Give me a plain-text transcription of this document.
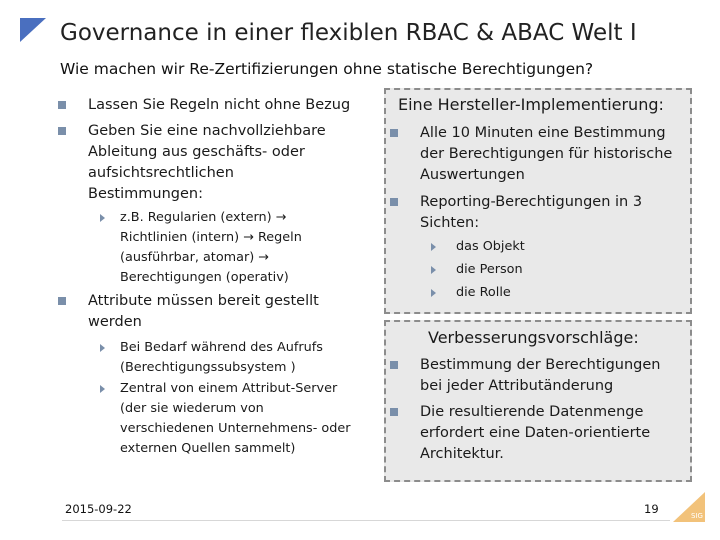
Governance in einer flexiblen RBAC & ABAC Welt I
Wie machen wir Re-Zertifizierungen ohne statische Berechtigungen?
Lassen Sie Regeln nicht ohne Bezug
Geben Sie eine nachvollziehbare Ableitung aus geschäfts- oder aufsichtsrechtlichen Bestimmungen:
z.B. Regularien (extern) → Richtlinien (intern) → Regeln (ausführbar, atomar) → Berechtigungen (operativ)
Attribute müssen bereit gestellt werden
Bei Bedarf während des Aufrufs (Berechtigungssubsystem )
Zentral von einem Attribut-Server (der sie wiederum von verschiedenen Unternehmens- oder externen Quellen sammelt)
Eine Hersteller-Implementierung:
Alle 10 Minuten eine Bestimmung der Berechtigungen für historische Auswertungen
Reporting-Berechtigungen in 3 Sichten:
das Objekt
die Person
die Rolle
Verbesserungsvorschläge:
Bestimmung der Berechtigungen bei jeder Attributänderung
Die resultierende Datenmenge erfordert eine Daten-orientierte Architektur.
2015-09-22	19	SIG
